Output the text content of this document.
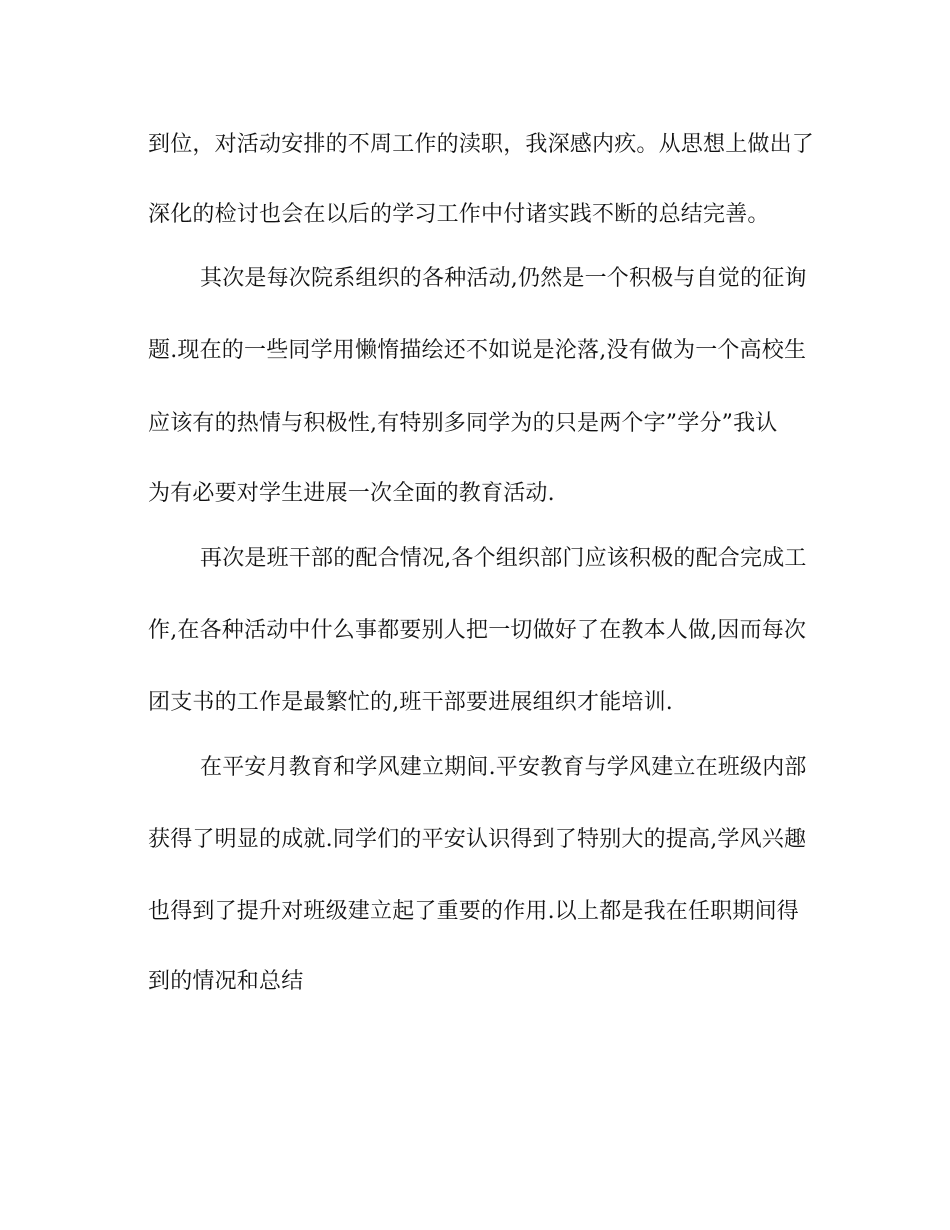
到位，对活动安排的不周工作的渎职，我深感内疚。从思想上做出了
深化的检讨也会在以后的学习工作中付诸实践不断的总结完善。
其次是每次院系组织的各种活动,仍然是一个积极与自觉的征询
题.现在的一些同学用懒惰描绘还不如说是沦落,没有做为一个高校生
应该有的热情与积极性,有特别多同学为的只是两个字”学分”我认
为有必要对学生进展一次全面的教育活动.
再次是班干部的配合情况,各个组织部门应该积极的配合完成工
作,在各种活动中什么事都要别人把一切做好了在教本人做,因而每次
团支书的工作是最繁忙的,班干部要进展组织才能培训.
在平安月教育和学风建立期间.平安教育与学风建立在班级内部
获得了明显的成就.同学们的平安认识得到了特别大的提高,学风兴趣
也得到了提升对班级建立起了重要的作用.以上都是我在任职期间得
到的情况和总结
